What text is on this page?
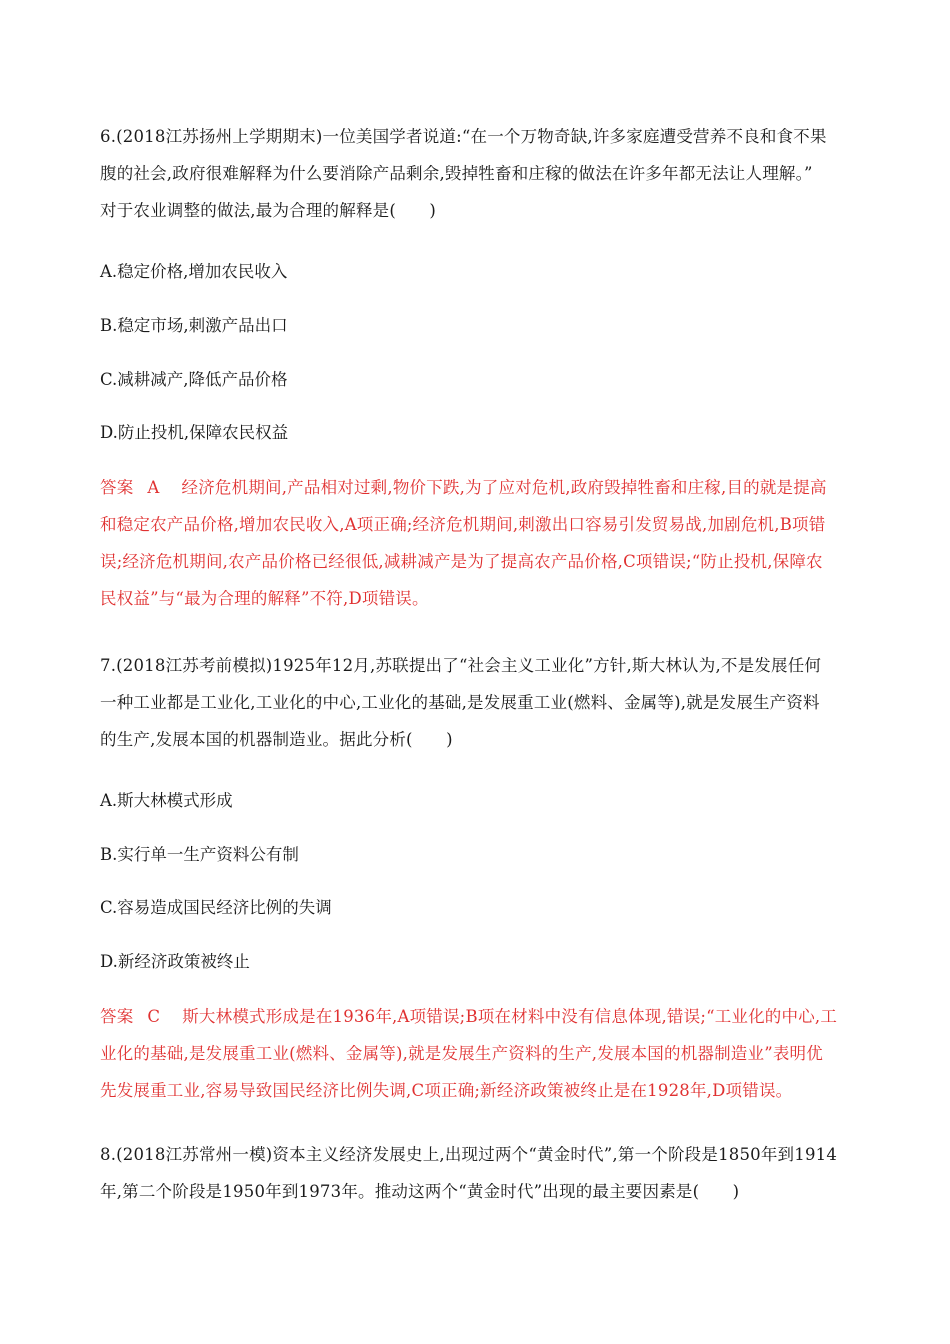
6.(2018江苏扬州上学期期末)一位美国学者说道:“在一个万物奇缺,许多家庭遭受营养不良和食不果
腹的社会,政府很难解释为什么要消除产品剩余,毁掉牲畜和庄稼的做法在许多年都无法让人理解。”
对于农业调整的做法,最为合理的解释是(　　)
A.稳定价格,增加农民收入
B.稳定市场,刺激产品出口
C.减耕减产,降低产品价格
D.防止投机,保障农民权益
答案 A 经济危机期间,产品相对过剩,物价下跌,为了应对危机,政府毁掉牲畜和庄稼,目的就是提高
和稳定农产品价格,增加农民收入,A项正确;经济危机期间,刺激出口容易引发贸易战,加剧危机,B项错
误;经济危机期间,农产品价格已经很低,减耕减产是为了提高农产品价格,C项错误;“防止投机,保障农
民权益”与“最为合理的解释”不符,D项错误。
7.(2018江苏考前模拟)1925年12月,苏联提出了“社会主义工业化”方针,斯大林认为,不是发展任何
一种工业都是工业化,工业化的中心,工业化的基础,是发展重工业(燃料、金属等),就是发展生产资料
的生产,发展本国的机器制造业。据此分析(　　)
A.斯大林模式形成
B.实行单一生产资料公有制
C.容易造成国民经济比例的失调
D.新经济政策被终止
答案 C 斯大林模式形成是在1936年,A项错误;B项在材料中没有信息体现,错误;“工业化的中心,工
业化的基础,是发展重工业(燃料、金属等),就是发展生产资料的生产,发展本国的机器制造业”表明优
先发展重工业,容易导致国民经济比例失调,C项正确;新经济政策被终止是在1928年,D项错误。
8.(2018江苏常州一模)资本主义经济发展史上,出现过两个“黄金时代”,第一个阶段是1850年到1914
年,第二个阶段是1950年到1973年。推动这两个“黄金时代”出现的最主要因素是(　　)
